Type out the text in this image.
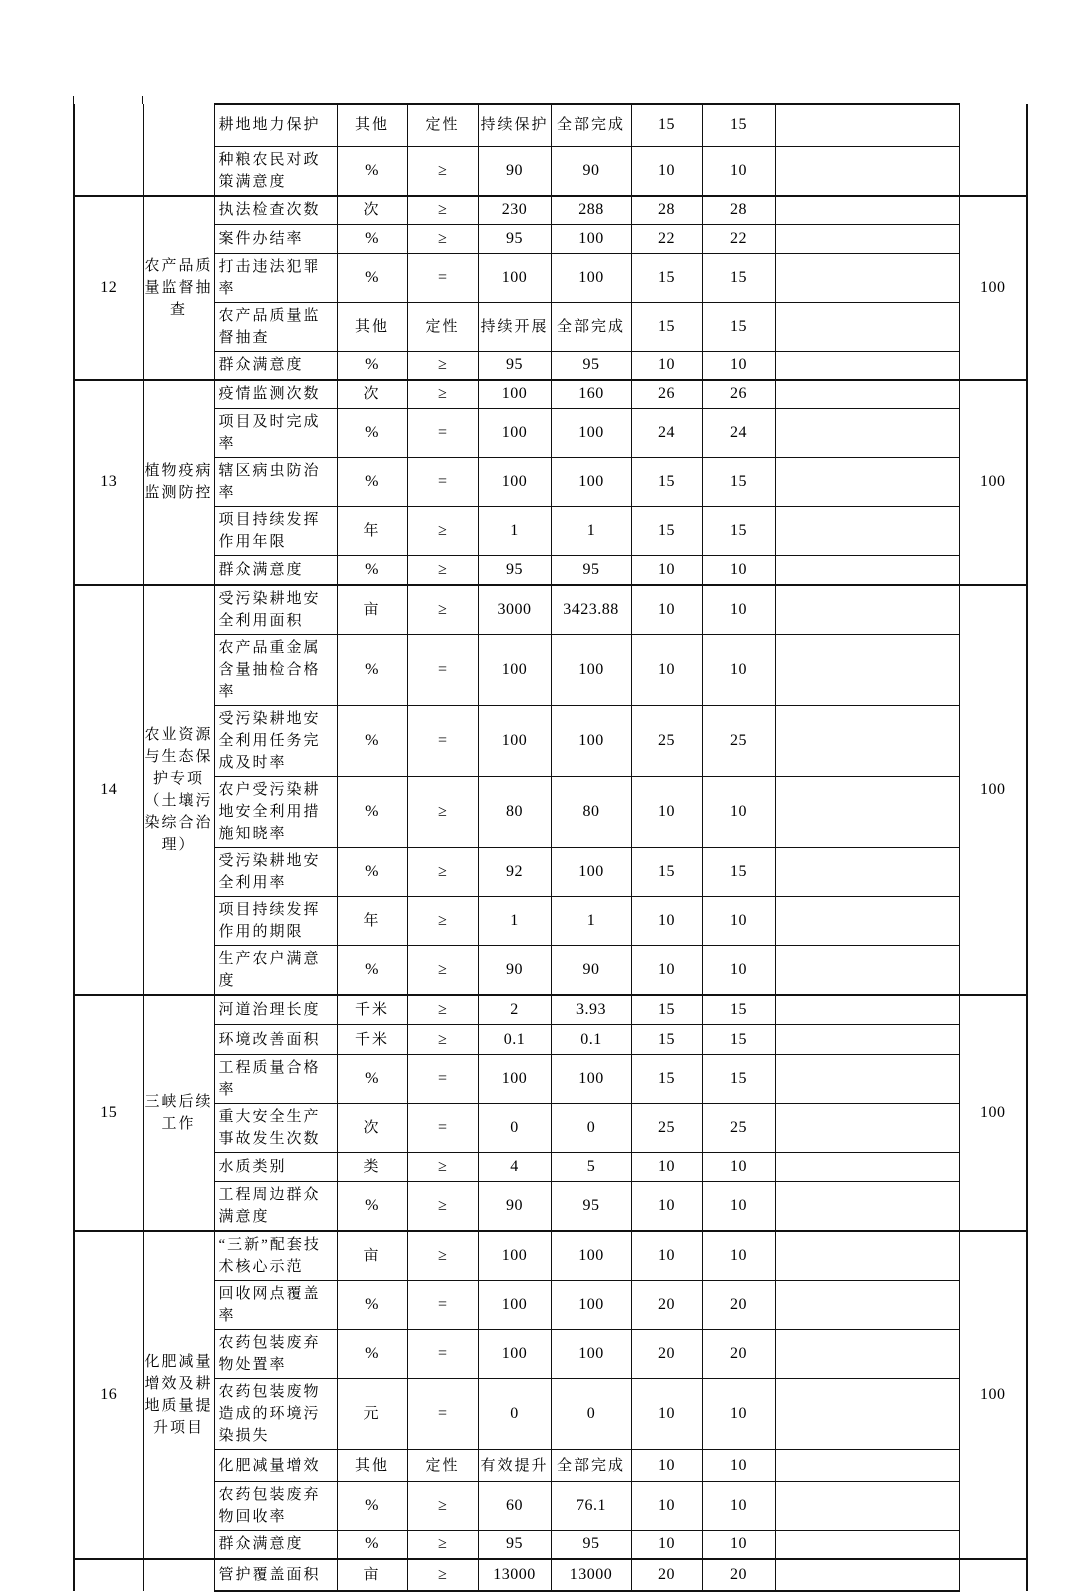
		耕地地力保护	其他	定性	持续保护	全部完成	15	15		
		种粮农民对政策满意度	%	≥	90	90	10	10		
12	农产品质量监督抽查	执法检查次数	次	≥	230	288	28	28		100
		案件办结率	%	≥	95	100	22	22		
		打击违法犯罪率	%	=	100	100	15	15		
		农产品质量监督抽查	其他	定性	持续开展	全部完成	15	15		
		群众满意度	%	≥	95	95	10	10		
13	植物疫病监测防控	疫情监测次数	次	≥	100	160	26	26		100
		项目及时完成率	%	=	100	100	24	24		
		辖区病虫防治率	%	=	100	100	15	15		
		项目持续发挥作用年限	年	≥	1	1	15	15		
		群众满意度	%	≥	95	95	10	10		
14	农业资源与生态保护专项（土壤污染综合治理）	受污染耕地安全利用面积	亩	≥	3000	3423.88	10	10		100
		农产品重金属含量抽检合格率	%	=	100	100	10	10		
		受污染耕地安全利用任务完成及时率	%	=	100	100	25	25		
		农户受污染耕地安全利用措施知晓率	%	≥	80	80	10	10		
		受污染耕地安全利用率	%	≥	92	100	15	15		
		项目持续发挥作用的期限	年	≥	1	1	10	10		
		生产农户满意度	%	≥	90	90	10	10		
15	三峡后续工作	河道治理长度	千米	≥	2	3.93	15	15		100
		环境改善面积	千米	≥	0.1	0.1	15	15		
		工程质量合格率	%	=	100	100	15	15		
		重大安全生产事故发生次数	次	=	0	0	25	25		
		水质类别	类	≥	4	5	10	10		
		工程周边群众满意度	%	≥	90	95	10	10		
16	化肥减量增效及耕地质量提升项目	“三新”配套技术核心示范	亩	≥	100	100	10	10		100
		回收网点覆盖率	%	=	100	100	20	20		
		农药包装废弃物处置率	%	=	100	100	20	20		
		农药包装废物造成的环境污染损失	元	=	0	0	10	10		
		化肥减量增效	其他	定性	有效提升	全部完成	10	10		
		农药包装废弃物回收率	%	≥	60	76.1	10	10		
		群众满意度	%	≥	95	95	10	10		
		管护覆盖面积	亩	≥	13000	13000	20	20		
